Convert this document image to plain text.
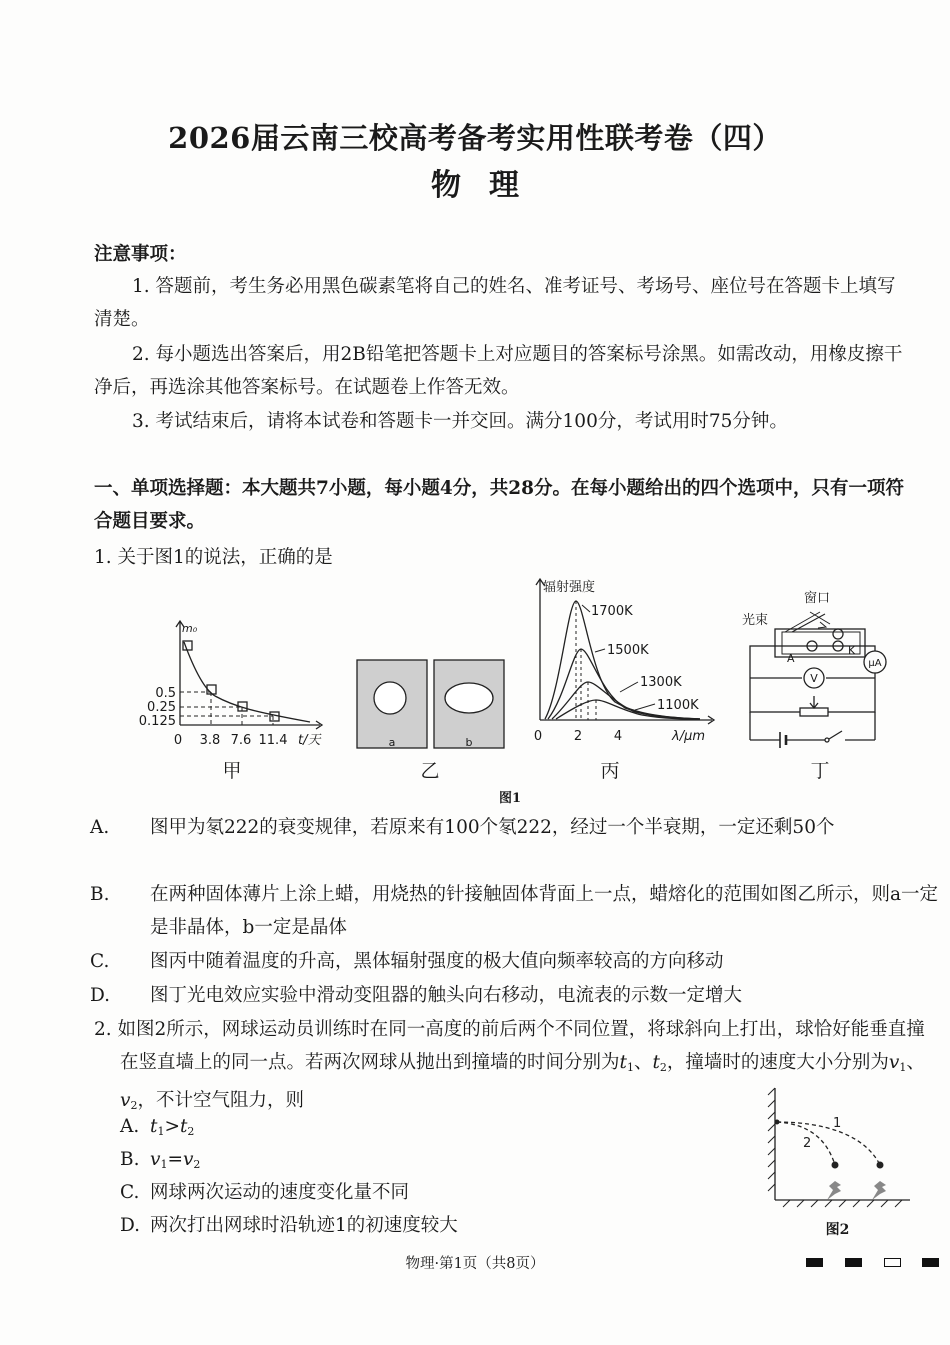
2026届云南三校高考备考实用性联考卷（四）
物理
注意事项：
1. 答题前，考生务必用黑色碳素笔将自己的姓名、准考证号、考场号、座位号在答题卡上填写清楚。
2. 每小题选出答案后，用2B铅笔把答题卡上对应题目的答案标号涂黑。如需改动，用橡皮擦干净后，再选涂其他答案标号。在试题卷上作答无效。
3. 考试结束后，请将本试卷和答题卡一并交回。满分100分，考试用时75分钟。
一、单项选择题：本大题共7小题，每小题4分，共28分。在每小题给出的四个选项中，只有一项符合题目要求。
1. 关于图1的说法，正确的是
m₀
0.5
0.25
0.125
0 3.8 7.6 11.4 t/天	a	b
辐射强度
1700K
1500K
1300K
1100K
0 2 4	λ/μm
窗口
光束
A
K
μA
V
甲	乙	丙	丁
图1
A. 图甲为氡222的衰变规律，若原来有100个氡222，经过一个半衰期，一定还剩50个
B. 在两种固体薄片上涂上蜡，用烧热的针接触固体背面上一点，蜡熔化的范围如图乙所示，则a一定是非晶体，b一定是晶体
C. 图丙中随着温度的升高，黑体辐射强度的极大值向频率较高的方向移动
D. 图丁光电效应实验中滑动变阻器的触头向右移动，电流表的示数一定增大
2. 如图2所示，网球运动员训练时在同一高度的前后两个不同位置，将球斜向上打出，球恰好能垂直撞在竖直墙上的同一点。若两次网球从抛出到撞墙的时间分别为$t_1$、$t_2$，撞墙时的速度大小分别为$v_1$、$v_2$，不计空气阻力，则
A. $t_1>t_2$
B. $v_1=v_2$
C. 网球两次运动的速度变化量不同
D. 两次打出网球时沿轨迹1的初速度较大
1
2
图2
物理·第1页（共8页）
